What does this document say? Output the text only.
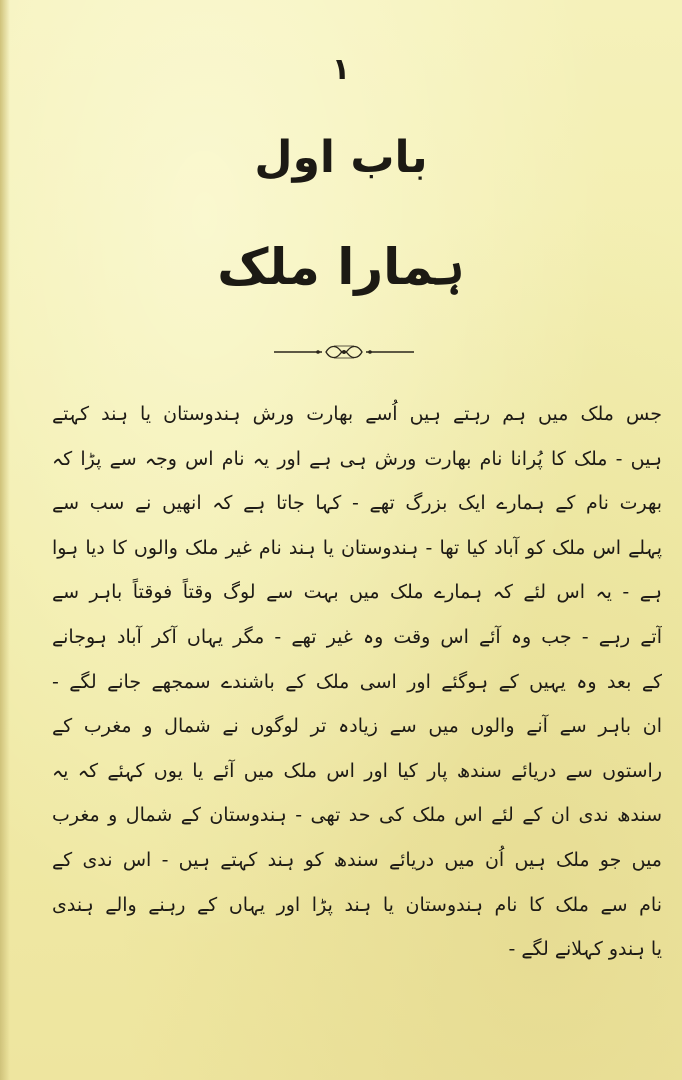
۱
باب اول
ہمارا ملک
جس ملک میں ہم رہتے ہیں اُسے بھارت ورش ہندوستان یا ہند کہتے
ہیں - ملک کا پُرانا نام بھارت ورش ہی ہے اور یہ نام اس وجہ سے پڑا کہ
بھرت نام کے ہمارے ایک بزرگ تھے - کہا جاتا ہے کہ انھیں نے سب سے
پہلے اس ملک کو آباد کیا تھا - ہندوستان یا ہند نام غیر ملک والوں کا دیا ہوا
ہے - یہ اس لئے کہ ہمارے ملک میں بہت سے لوگ وقتاً فوقتاً باہر سے
آتے رہے - جب وہ آئے اس وقت وہ غیر تھے - مگر یہاں آکر آباد ہوجانے
کے بعد وہ یہیں کے ہوگئے اور اسی ملک کے باشندے سمجھے جانے لگے -
ان باہر سے آنے والوں میں سے زیادہ تر لوگوں نے شمال و مغرب کے
راستوں سے دریائے سندھ پار کیا اور اس ملک میں آئے یا یوں کہئے کہ یہ
سندھ ندی ان کے لئے اس ملک کی حد تھی - ہندوستان کے شمال و مغرب
میں جو ملک ہیں اُن میں دریائے سندھ کو ہند کہتے ہیں - اس ندی کے
نام سے ملک کا نام ہندوستان یا ہند پڑا اور یہاں کے رہنے والے ہندی
یا ہندو کہلانے لگے -
